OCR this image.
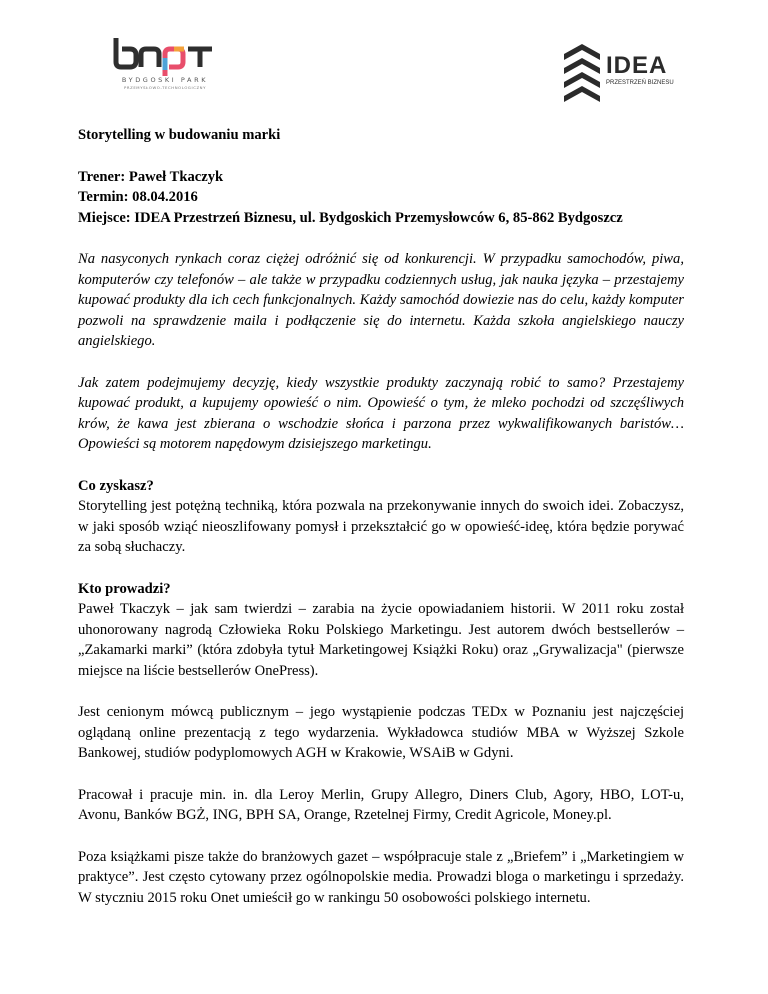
BYDGOSKI PARK
PRZEMYSŁOWO-TECHNOLOGICZNY
IDEA
PRZESTRZEŃ BIZNESU

Storytelling w budowaniu marki

Trener: Paweł Tkaczyk

Termin: 08.04.2016

Miejsce: IDEA Przestrzeń Biznesu, ul. Bydgoskich Przemysłowców 6, 85-862 Bydgoszcz

Na nasyconych rynkach coraz ciężej odróżnić się od konkurencji. W przypadku samochodów, piwa, komputerów czy telefonów – ale także w przypadku codziennych usług, jak nauka języka – przestajemy kupować produkty dla ich cech funkcjonalnych. Każdy samochód dowiezie nas do celu, każdy komputer pozwoli na sprawdzenie maila i podłączenie się do internetu. Każda szkoła angielskiego nauczy angielskiego.

Jak zatem podejmujemy decyzję, kiedy wszystkie produkty zaczynają robić to samo? Przestajemy kupować produkt, a kupujemy opowieść o nim. Opowieść o tym, że mleko pochodzi od szczęśliwych krów, że kawa jest zbierana o wschodzie słońca i parzona przez wykwalifikowanych baristów… Opowieści są motorem napędowym dzisiejszego marketingu.

Co zyskasz?
Storytelling jest potężną techniką, która pozwala na przekonywanie innych do swoich idei. Zobaczysz, w jaki sposób wziąć nieoszlifowany pomysł i przekształcić go w opowieść-ideę, która będzie porywać za sobą słuchaczy.

Kto prowadzi?
Paweł Tkaczyk – jak sam twierdzi – zarabia na życie opowiadaniem historii. W 2011 roku został uhonorowany nagrodą Człowieka Roku Polskiego Marketingu. Jest autorem dwóch bestsellerów – „Zakamarki marki” (która zdobyła tytuł Marketingowej Książki Roku) oraz „Grywalizacja" (pierwsze miejsce na liście bestsellerów OnePress).

Jest cenionym mówcą publicznym – jego wystąpienie podczas TEDx w Poznaniu jest najczęściej oglądaną online prezentacją z tego wydarzenia. Wykładowca studiów MBA w Wyższej Szkole Bankowej, studiów podyplomowych AGH w Krakowie, WSAiB w Gdyni.

Pracował i pracuje min. in. dla Leroy Merlin, Grupy Allegro, Diners Club, Agory, HBO, LOT-u, Avonu, Banków BGŻ, ING, BPH SA, Orange, Rzetelnej Firmy, Credit Agricole, Money.pl.

Poza książkami pisze także do branżowych gazet – współpracuje stale z „Briefem” i „Marketingiem w praktyce”. Jest często cytowany przez ogólnopolskie media. Prowadzi bloga o marketingu i sprzedaży. W styczniu 2015 roku Onet umieścił go w rankingu 50 osobowości polskiego internetu.
